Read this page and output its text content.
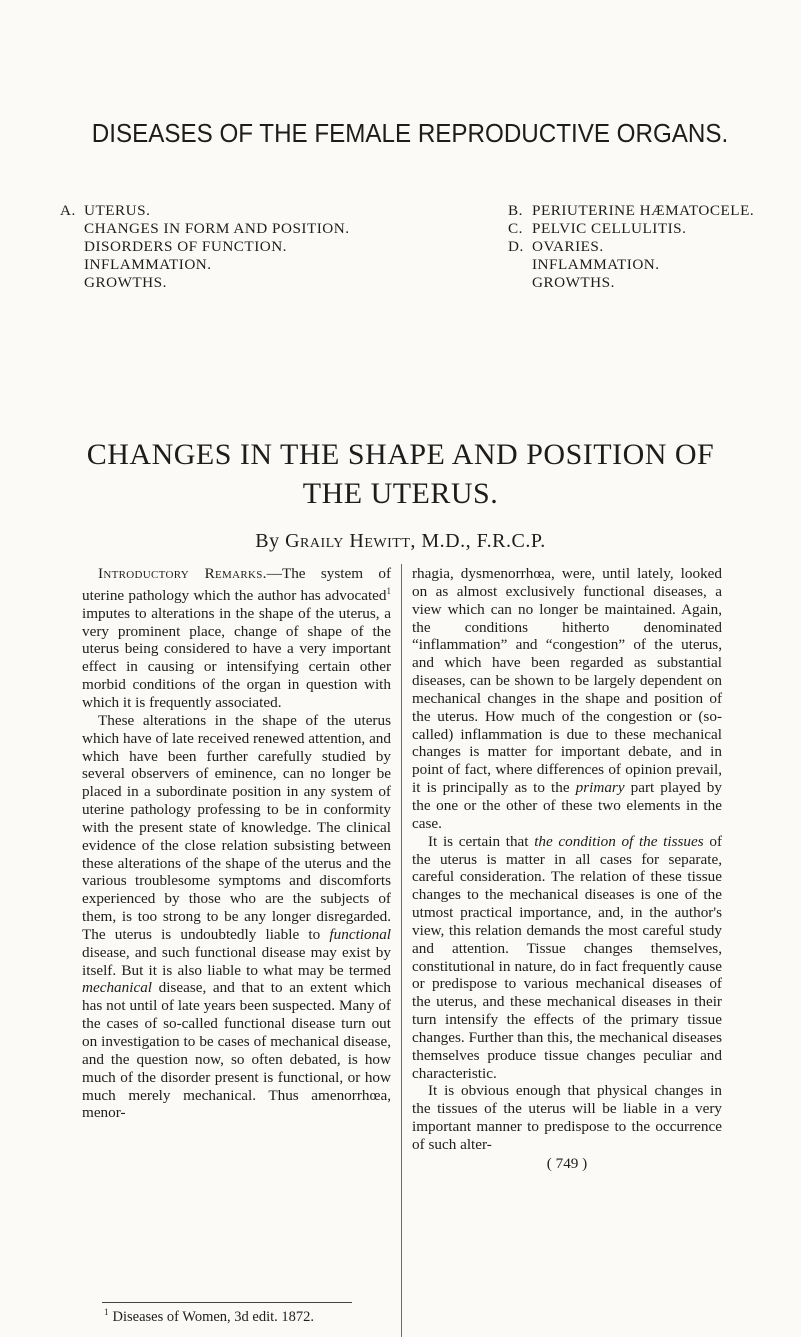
DISEASES OF THE FEMALE REPRODUCTIVE ORGANS.
A. UTERUS.
CHANGES IN FORM AND POSITION.
DISORDERS OF FUNCTION.
INFLAMMATION.
GROWTHS.
B. PERIUTERINE HÆMATOCELE.
C. PELVIC CELLULITIS.
D. OVARIES.
INFLAMMATION.
GROWTHS.
CHANGES IN THE SHAPE AND POSITION OF
THE UTERUS.
By Graily Hewitt, M.D., F.R.C.P.

Introductory Remarks.—The system of uterine pathology which the author has advocated$^1$ imputes to alterations in the shape of the uterus, a very prominent place, change of shape of the uterus being considered to have a very important effect in causing or intensifying certain other morbid conditions of the organ in question with which it is frequently associated.

These alterations in the shape of the uterus which have of late received renewed attention, and which have been further carefully studied by several observers of eminence, can no longer be placed in a subordinate position in any system of uterine pathology professing to be in conformity with the present state of knowledge. The clinical evidence of the close relation subsisting between these alterations of the shape of the uterus and the various troublesome symptoms and discomforts experienced by those who are the subjects of them, is too strong to be any longer disregarded. The uterus is undoubtedly liable to functional disease, and such functional disease may exist by itself. But it is also liable to what may be termed mechanical disease, and that to an extent which has not until of late years been suspected. Many of the cases of so-called functional disease turn out on investigation to be cases of mechanical disease, and the question now, so often debated, is how much of the disorder present is functional, or how much merely mechanical. Thus amenorrhœa, menor-

rhagia, dysmenorrhœa, were, until lately, looked on as almost exclusively functional diseases, a view which can no longer be maintained. Again, the conditions hitherto denominated “inflammation” and “congestion” of the uterus, and which have been regarded as substantial diseases, can be shown to be largely dependent on mechanical changes in the shape and position of the uterus. How much of the congestion or (so-called) inflammation is due to these mechanical changes is matter for important debate, and in point of fact, where differences of opinion prevail, it is principally as to the primary part played by the one or the other of these two elements in the case.

It is certain that the condition of the tissues of the uterus is matter in all cases for separate, careful consideration. The relation of these tissue changes to the mechanical diseases is one of the utmost practical importance, and, in the author's view, this relation demands the most careful study and attention. Tissue changes themselves, constitutional in nature, do in fact frequently cause or predispose to various mechanical diseases of the uterus, and these mechanical diseases in their turn intensify the effects of the primary tissue changes. Further than this, the mechanical diseases themselves produce tissue changes peculiar and characteristic.

It is obvious enough that physical changes in the tissues of the uterus will be liable in a very important manner to predispose to the occurrence of such alter-

( 749 )
$^1$ Diseases of Women, 3d edit. 1872.
